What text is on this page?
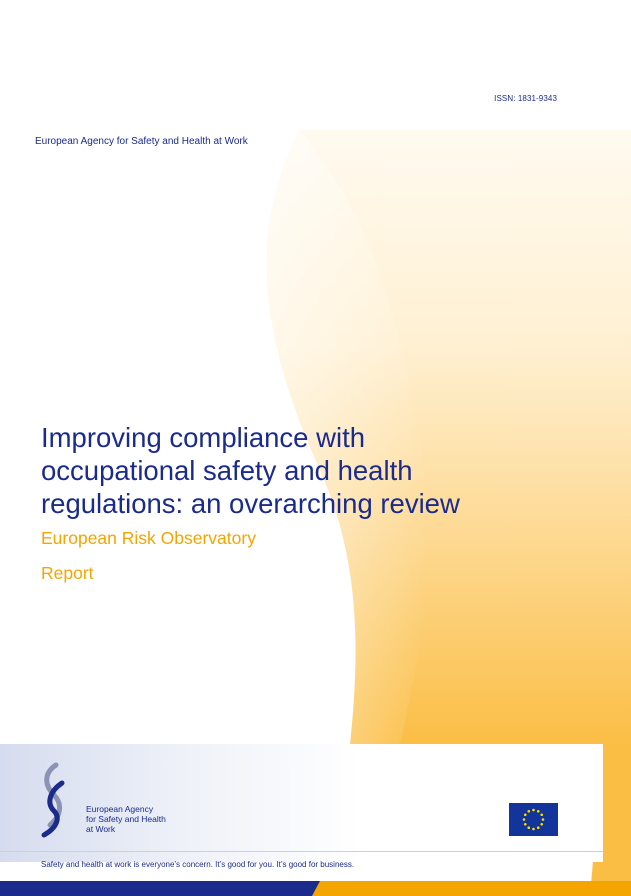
ISSN: 1831-9343
European Agency for Safety and Health at Work
Improving compliance with
occupational safety and health
regulations: an overarching review
European Risk Observatory
Report
European Agency
for Safety and Health
at Work
Safety and health at work is everyone’s concern. It’s good for you. It’s good for business.
